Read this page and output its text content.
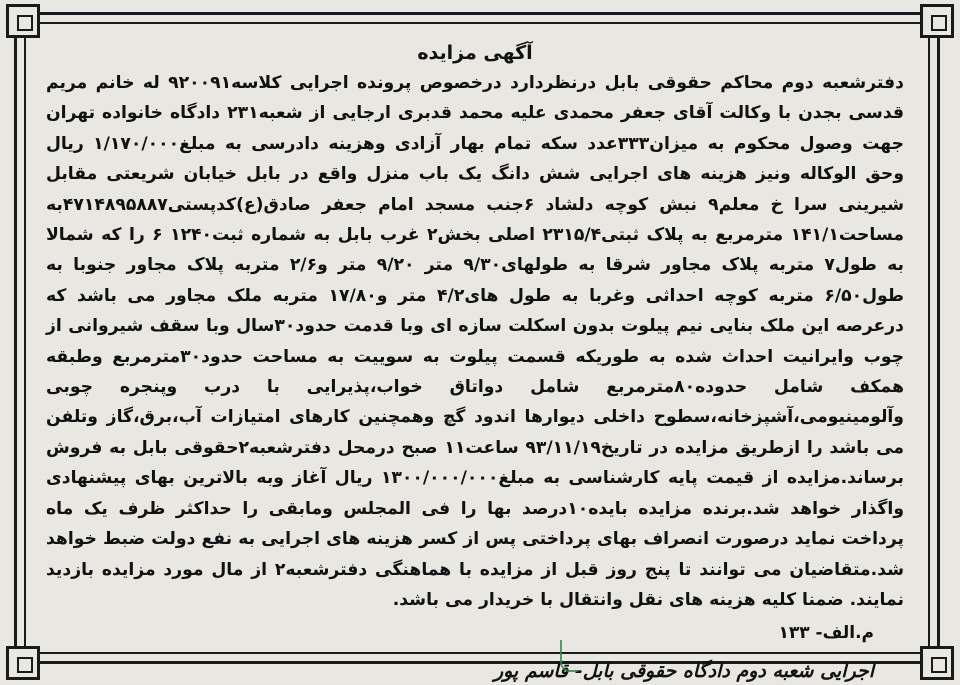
آگهی مزایده

دفترشعبه دوم محاکم حقوقی بابل درنظردارد درخصوص پرونده اجرایی کلاسه۹۲۰۰۹۱ له خانم مریم قدسی بجدن با وکالت آقای جعفر محمدی علیه محمد قدبری ارجایی از شعبه۲۳۱ دادگاه خانواده تهران جهت وصول محکوم به میزان۳۳۳عدد سکه تمام بهار آزادی وهزینه دادرسی به مبلغ۱/۱۷۰/۰۰۰ ریال وحق الوکاله ونیز هزینه های اجرایی شش دانگ یک باب منزل واقع در بابل خیابان شریعتی مقابل شیرینی سرا خ معلم۹ نبش کوچه دلشاد ۶جنب مسجد امام جعفر صادق(ع)کدپستی۴۷۱۴۸۹۵۸۸۷به مساحت۱۴۱/۱ مترمربع به پلاک ثبتی۲۳۱۵/۴ اصلی بخش۲ غرب بابل به شماره ثبت۱۲۴۰ ۶ را که شمالا به طول۷ متربه پلاک مجاور شرقا به طولهای۹/۳۰ متر ۹/۲۰ متر و۲/۶ متربه پلاک مجاور جنوبا به طول۶/۵۰ متربه کوچه احداثی وغربا به طول های۴/۲ متر و۱۷/۸۰ متربه ملک مجاور می باشد که درعرصه این ملک بنایی نیم پیلوت بدون اسکلت سازه ای وبا قدمت حدود۳۰سال وبا سقف شیروانی از چوب وایرانیت احداث شده به طوریکه قسمت پیلوت به سوییت به مساحت حدود۳۰مترمربع وطبقه همکف شامل حدوده۸۰مترمربع شامل دواتاق خواب،پذیرایی با درب وپنجره چوبی وآلومینیومی،آشپزخانه،سطوح داخلی دیوارها اندود گچ وهمچنین کارهای امتیازات آب،برق،گاز وتلفن می باشد را ازطریق مزایده در تاریخ۹۳/۱۱/۱۹ ساعت۱۱ صبح درمحل دفترشعبه۲حقوقی بابل به فروش برساند.مزایده از قیمت پایه کارشناسی به مبلغ۱۳۰۰/۰۰۰/۰۰۰ ریال آغاز وبه بالاترین بهای پیشنهادی واگذار خواهد شد.برنده مزایده بایده۱۰درصد بها را فی المجلس ومابقی را حداکثر ظرف یک ماه پرداخت نماید درصورت انصراف بهای پرداختی پس از کسر هزینه های اجرایی به نفع دولت ضبط خواهد شد.متقاضیان می توانند تا پنج روز قبل از مزایده با هماهنگی دفترشعبه۲ از مال مورد مزایده بازدید نمایند. ضمنا کلیه هزینه های نقل وانتقال با خریدار می باشد.

م.الف- ۱۳۳
اجرایی شعبه دوم دادگاه حقوقی بابل- قاسم پور
